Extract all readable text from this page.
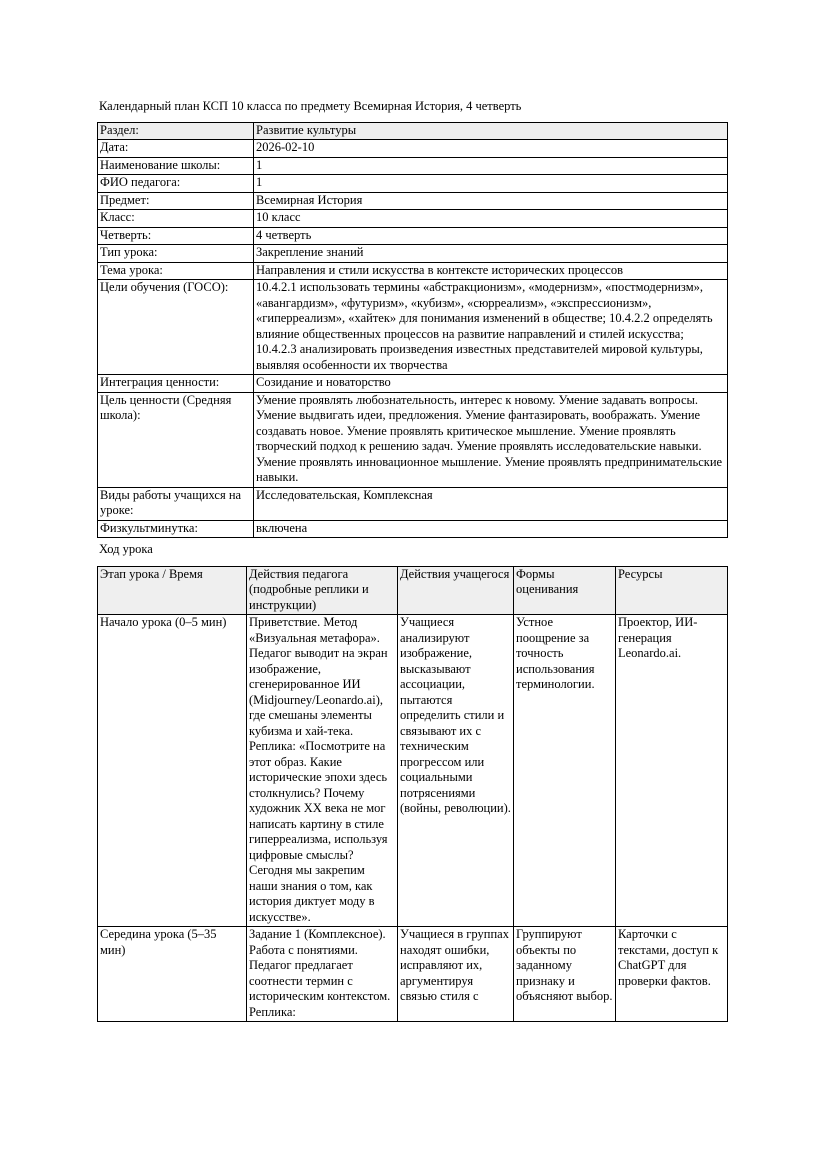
Календарный план КСП 10 класса по предмету Всемирная История, 4 четверть

Раздел:	Развитие культуры
Дата:	2026-02-10
Наименование школы:	1
ФИО педагога:	1
Предмет:	Всемирная История
Класс:	10 класс
Четверть:	4 четверть
Тип урока:	Закрепление знаний
Тема урока:	Направления и стили искусства в контексте исторических процессов
Цели обучения (ГОСО):	10.4.2.1 использовать термины «абстракционизм», «модернизм», «постмодернизм», «авангардизм», «футуризм», «кубизм», «сюрреализм», «экспрессионизм», «гиперреализм», «хайтек» для понимания изменений в обществе; 10.4.2.2 определять влияние общественных процессов на развитие направлений и стилей искусства; 10.4.2.3 анализировать произведения известных представителей мировой культуры, выявляя особенности их творчества
Интеграция ценности:	Созидание и новаторство
Цель ценности (Средняя школа):	Умение проявлять любознательность, интерес к новому. Умение задавать вопросы. Умение выдвигать идеи, предложения. Умение фантазировать, воображать. Умение создавать новое. Умение проявлять критическое мышление. Умение проявлять творческий подход к решению задач. Умение проявлять исследовательские навыки. Умение проявлять инновационное мышление. Умение проявлять предпринимательские навыки.
Виды работы учащихся на уроке:	Исследовательская, Комплексная
Физкультминутка:	включена

Ход урока

Этап урока / Время	Действия педагога (подробные реплики и инструкции)	Действия учащегося	Формы оценивания	Ресурсы
Начало урока (0–5 мин)	Приветствие. Метод «Визуальная метафора». Педагог выводит на экран изображение, сгенерированное ИИ (Midjourney/Leonardo.ai), где смешаны элементы кубизма и хай-тека. Реплика: «Посмотрите на этот образ. Какие исторические эпохи здесь столкнулись? Почему художник XX века не мог написать картину в стиле гиперреализма, используя цифровые смыслы? Сегодня мы закрепим наши знания о том, как история диктует моду в искусстве».	Учащиеся анализируют изображение, высказывают ассоциации, пытаются определить стили и связывают их с техническим прогрессом или социальными потрясениями (войны, революции).	Устное поощрение за точность использования терминологии.	Проектор, ИИ-генерация Leonardo.ai.
Середина урока (5–35 мин)	Задание 1 (Комплексное). Работа с понятиями. Педагог предлагает соотнести термин с историческим контекстом. Реплика:	Учащиеся в группах находят ошибки, исправляют их, аргументируя связью стиля с	Группируют объекты по заданному признаку и объясняют выбор.	Карточки с текстами, доступ к ChatGPT для проверки фактов.
